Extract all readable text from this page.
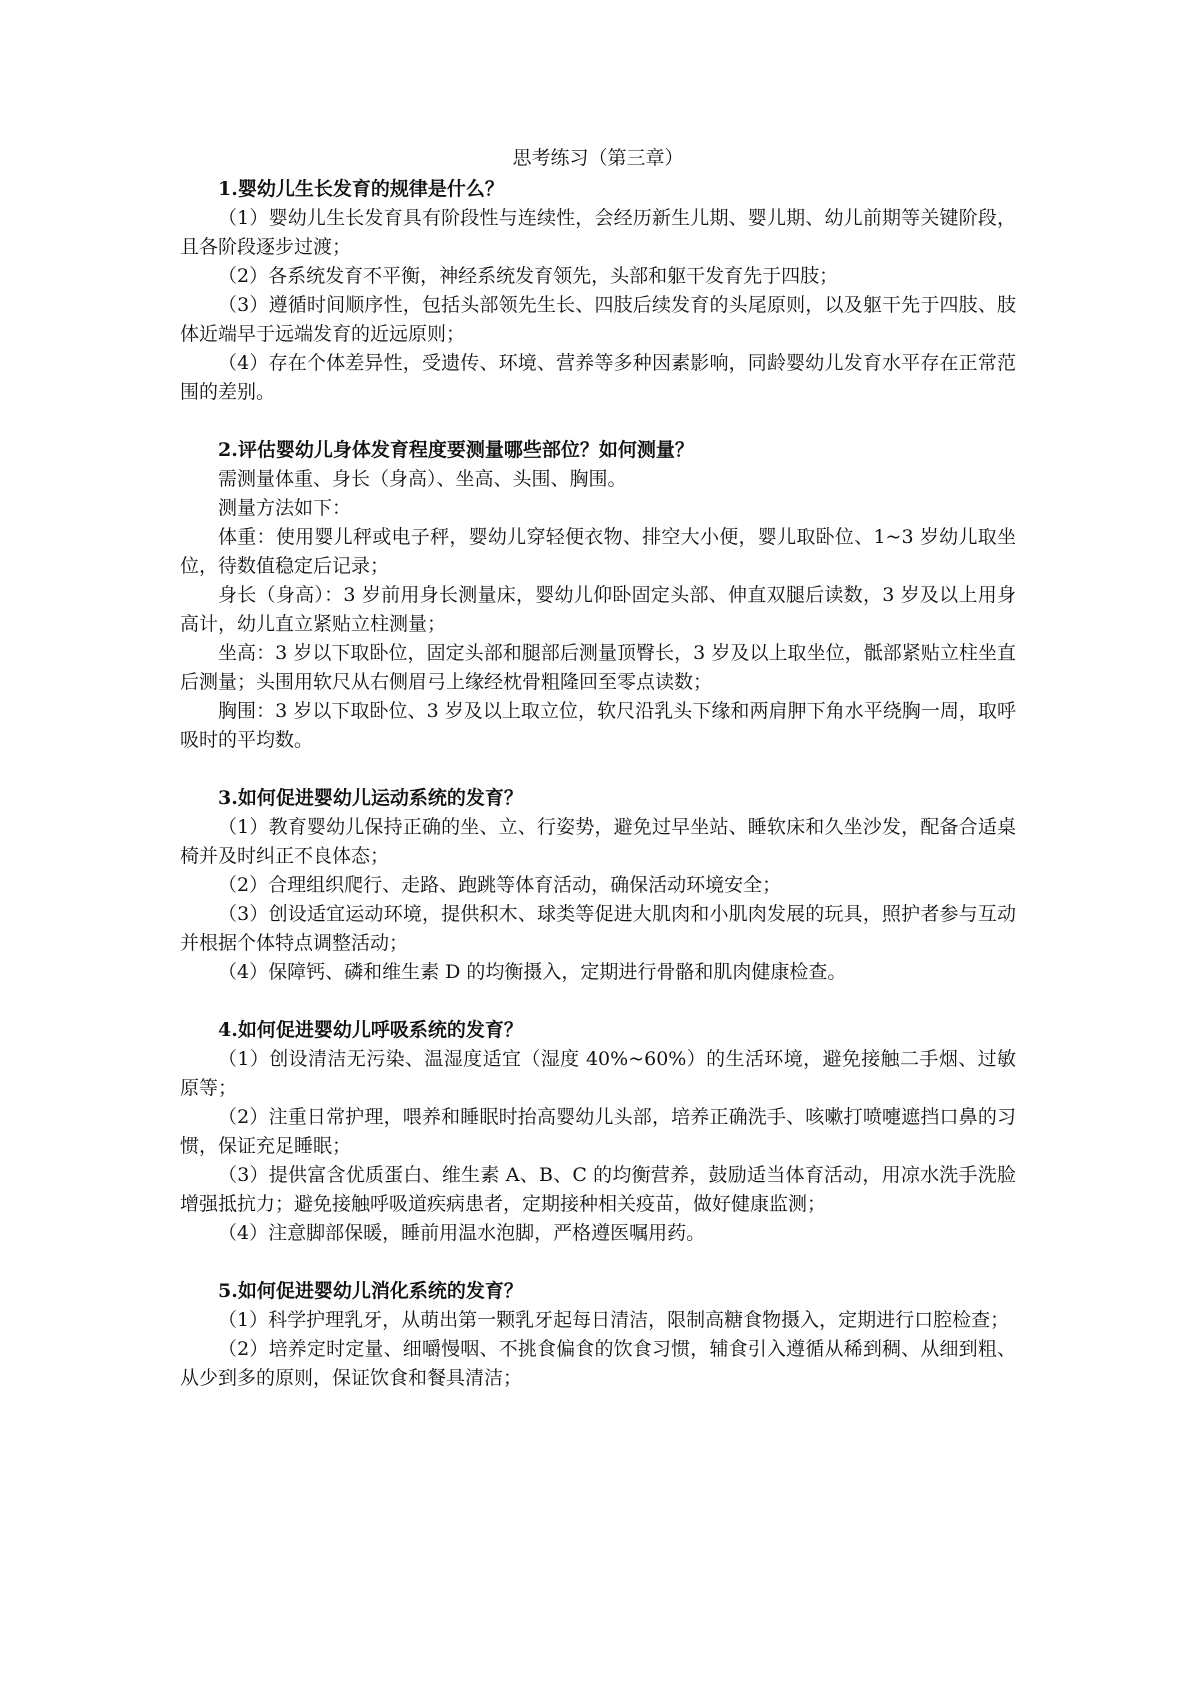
思考练习（第三章）

1.婴幼儿生长发育的规律是什么？

（1）婴幼儿生长发育具有阶段性与连续性，会经历新生儿期、婴儿期、幼儿前期等关键阶段，且各阶段逐步过渡；

（2）各系统发育不平衡，神经系统发育领先，头部和躯干发育先于四肢；

（3）遵循时间顺序性，包括头部领先生长、四肢后续发育的头尾原则，以及躯干先于四肢、肢体近端早于远端发育的近远原则；

（4）存在个体差异性，受遗传、环境、营养等多种因素影响，同龄婴幼儿发育水平存在正常范围的差别。

2.评估婴幼儿身体发育程度要测量哪些部位？如何测量？

需测量体重、身长（身高）、坐高、头围、胸围。

测量方法如下：

体重：使用婴儿秤或电子秤，婴幼儿穿轻便衣物、排空大小便，婴儿取卧位、1~3 岁幼儿取坐位，待数值稳定后记录；

身长（身高）：3 岁前用身长测量床，婴幼儿仰卧固定头部、伸直双腿后读数，3 岁及以上用身高计，幼儿直立紧贴立柱测量；

坐高：3 岁以下取卧位，固定头部和腿部后测量顶臀长，3 岁及以上取坐位，骶部紧贴立柱坐直后测量；头围用软尺从右侧眉弓上缘经枕骨粗隆回至零点读数；

胸围：3 岁以下取卧位、3 岁及以上取立位，软尺沿乳头下缘和两肩胛下角水平绕胸一周，取呼吸时的平均数。

3.如何促进婴幼儿运动系统的发育？

（1）教育婴幼儿保持正确的坐、立、行姿势，避免过早坐站、睡软床和久坐沙发，配备合适桌椅并及时纠正不良体态；

（2）合理组织爬行、走路、跑跳等体育活动，确保活动环境安全；

（3）创设适宜运动环境，提供积木、球类等促进大肌肉和小肌肉发展的玩具，照护者参与互动并根据个体特点调整活动；

（4）保障钙、磷和维生素 D 的均衡摄入，定期进行骨骼和肌肉健康检查。

4.如何促进婴幼儿呼吸系统的发育？

（1）创设清洁无污染、温湿度适宜（湿度 40%~60%）的生活环境，避免接触二手烟、过敏原等；

（2）注重日常护理，喂养和睡眠时抬高婴幼儿头部，培养正确洗手、咳嗽打喷嚏遮挡口鼻的习惯，保证充足睡眠；

（3）提供富含优质蛋白、维生素 A、B、C 的均衡营养，鼓励适当体育活动，用凉水洗手洗脸增强抵抗力；避免接触呼吸道疾病患者，定期接种相关疫苗，做好健康监测；

（4）注意脚部保暖，睡前用温水泡脚，严格遵医嘱用药。

5.如何促进婴幼儿消化系统的发育？

（1）科学护理乳牙，从萌出第一颗乳牙起每日清洁，限制高糖食物摄入，定期进行口腔检查；

（2）培养定时定量、细嚼慢咽、不挑食偏食的饮食习惯，辅食引入遵循从稀到稠、从细到粗、从少到多的原则，保证饮食和餐具清洁；
